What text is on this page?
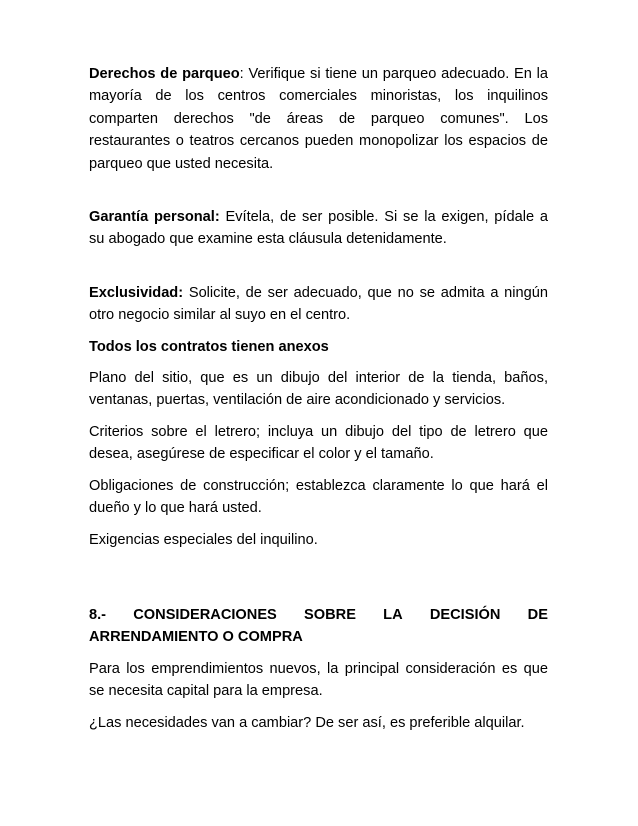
Derechos de parqueo: Verifique si tiene un parqueo adecuado. En la mayoría de los centros comerciales minoristas, los inquilinos comparten derechos "de áreas de parqueo comunes". Los restaurantes o teatros cercanos pueden monopolizar los espacios de parqueo que usted necesita.

Garantía personal: Evítela, de ser posible. Si se la exigen, pídale a su abogado que examine esta cláusula detenidamente.

Exclusividad: Solicite, de ser adecuado, que no se admita a ningún otro negocio similar al suyo en el centro.

Todos los contratos tienen anexos

Plano del sitio, que es un dibujo del interior de la tienda, baños, ventanas, puertas, ventilación de aire acondicionado y servicios.

Criterios sobre el letrero; incluya un dibujo del tipo de letrero que desea, asegúrese de especificar el color y el tamaño.

Obligaciones de construcción; establezca claramente lo que hará el dueño y lo que hará usted.

Exigencias especiales del inquilino.

8.- CONSIDERACIONES SOBRE LA DECISIÓN DE

ARRENDAMIENTO O COMPRA

Para los emprendimientos nuevos, la principal consideración es que se necesita capital para la empresa.

¿Las necesidades van a cambiar? De ser así, es preferible alquilar.
